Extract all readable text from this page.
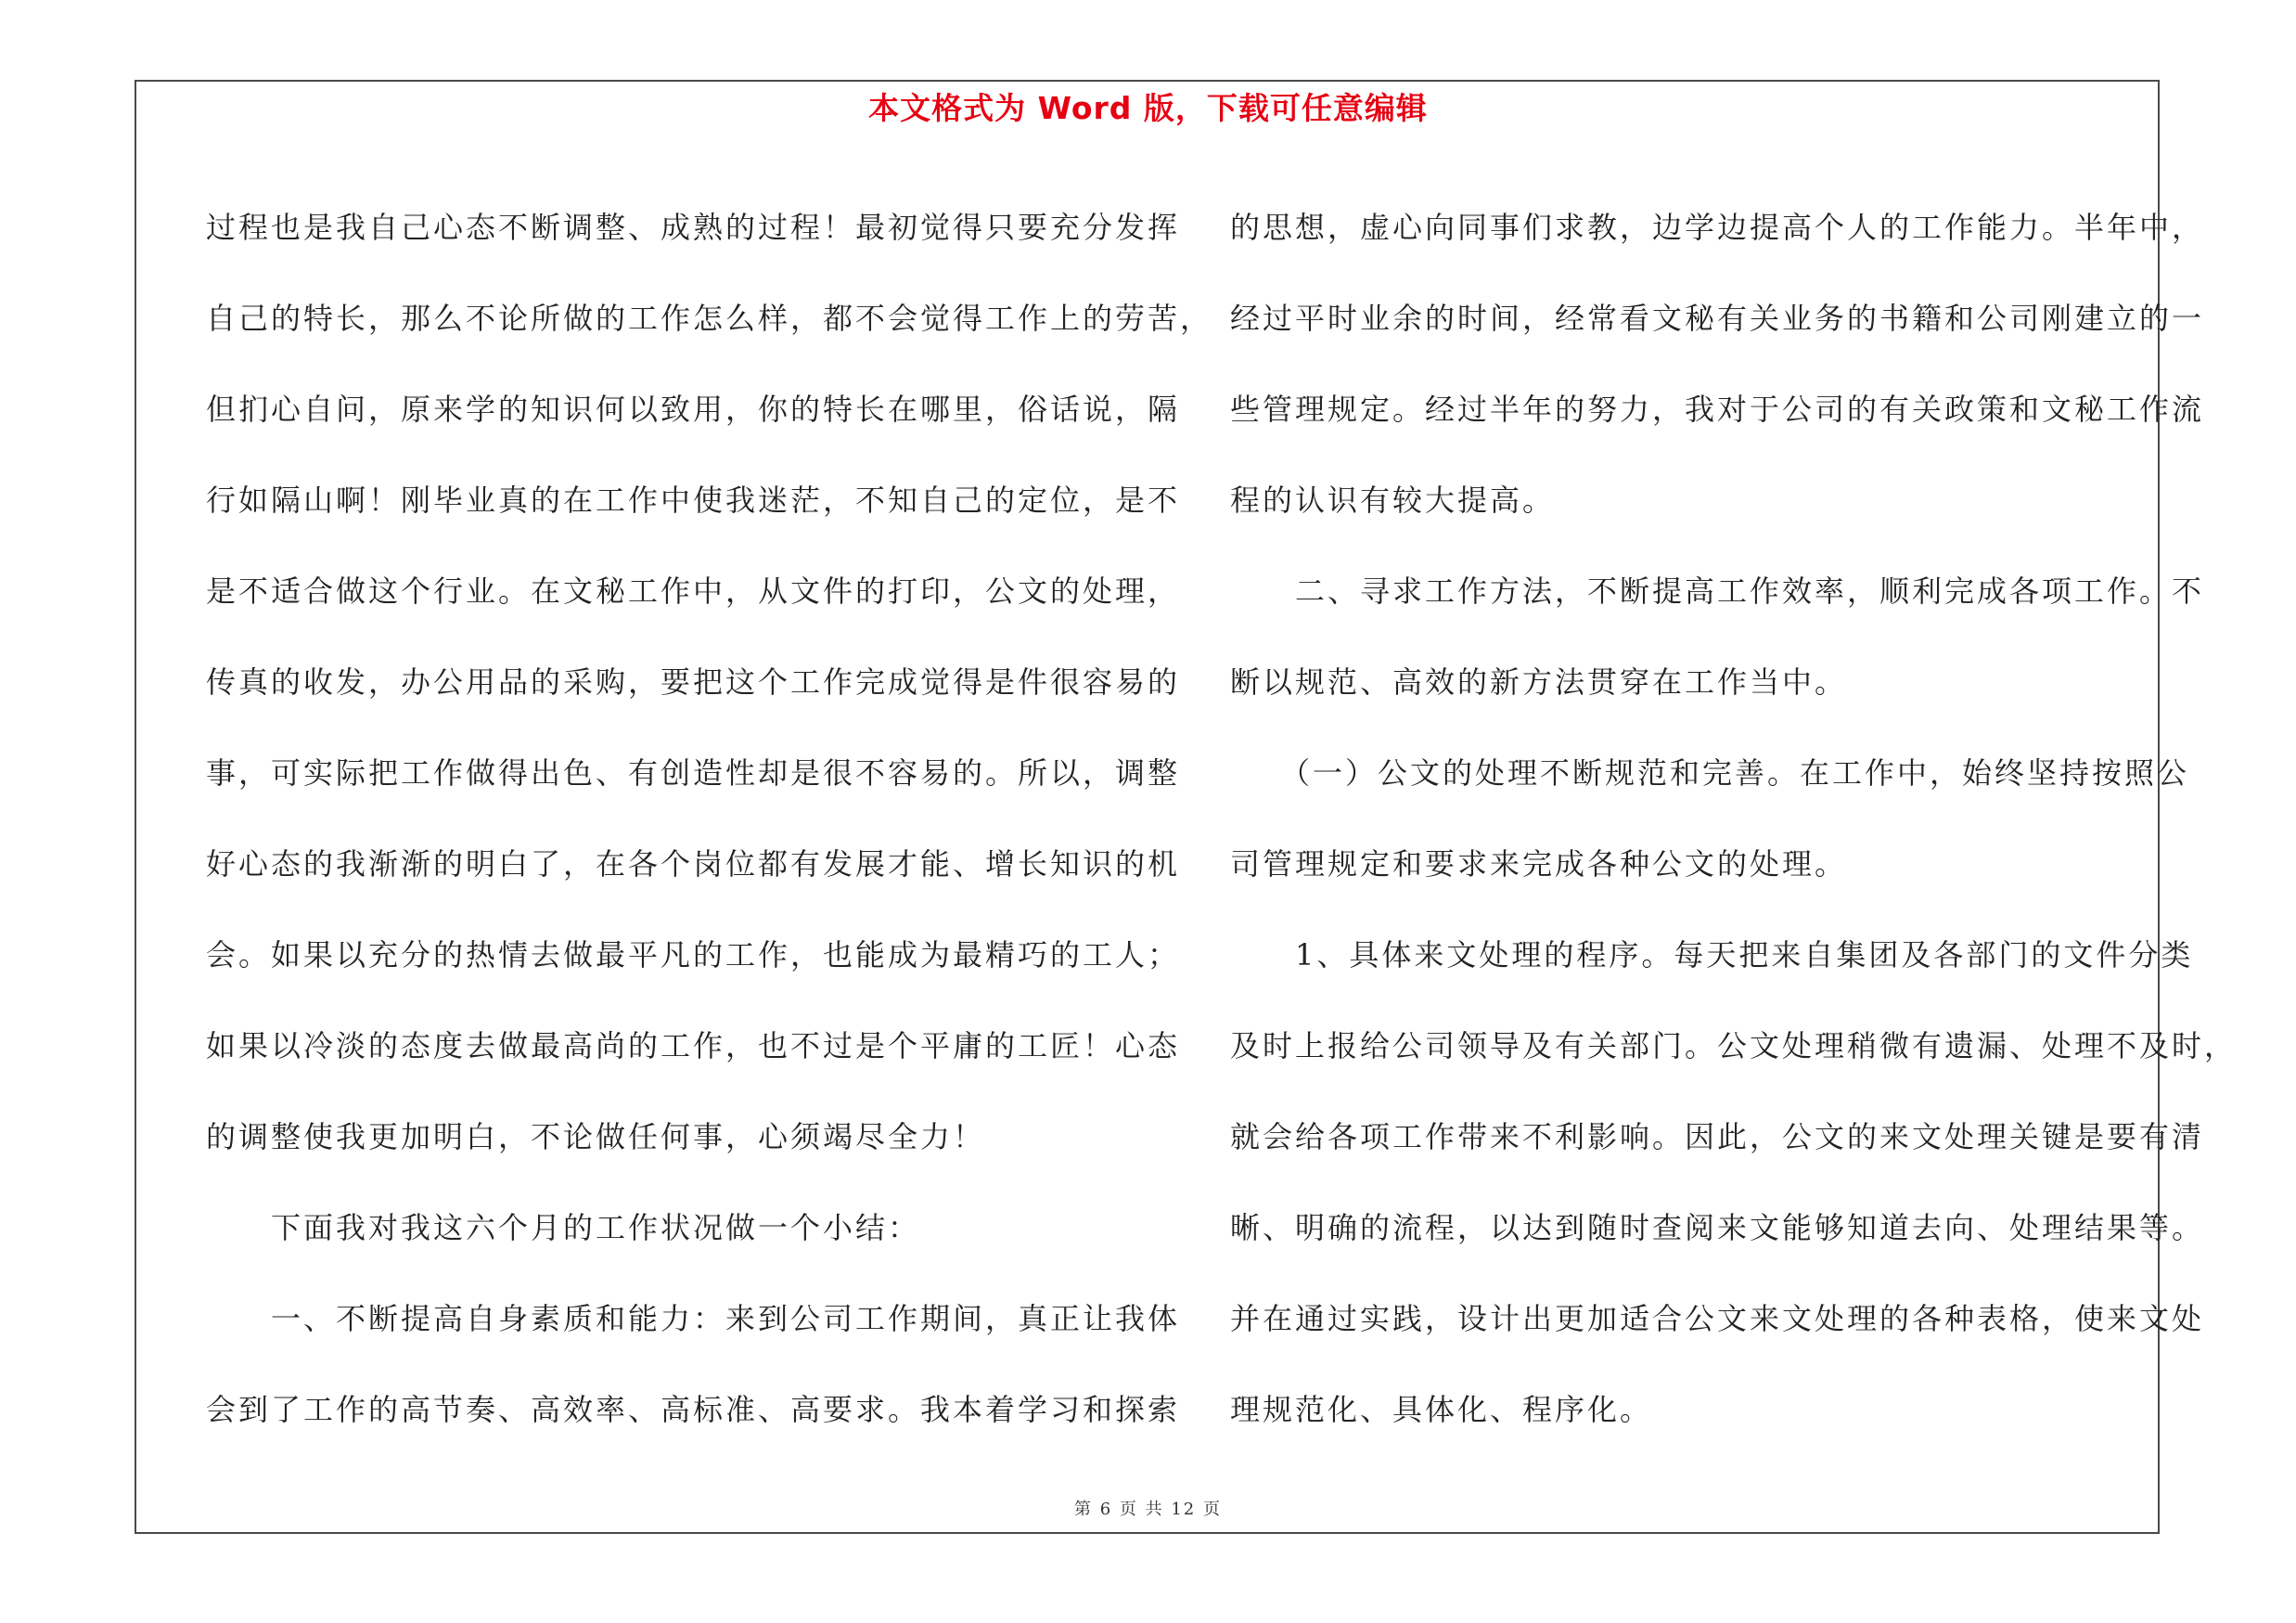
本文格式为 Word 版，下载可任意编辑
过程也是我自己心态不断调整、成熟的过程！最初觉得只要充分发挥
自己的特长，那么不论所做的工作怎么样，都不会觉得工作上的劳苦，
但扪心自问，原来学的知识何以致用，你的特长在哪里，俗话说，隔
行如隔山啊！刚毕业真的在工作中使我迷茫，不知自己的定位，是不
是不适合做这个行业。在文秘工作中，从文件的打印，公文的处理，
传真的收发，办公用品的采购，要把这个工作完成觉得是件很容易的
事，可实际把工作做得出色、有创造性却是很不容易的。所以，调整
好心态的我渐渐的明白了，在各个岗位都有发展才能、增长知识的机
会。如果以充分的热情去做最平凡的工作，也能成为最精巧的工人；
如果以冷淡的态度去做最高尚的工作，也不过是个平庸的工匠！心态
的调整使我更加明白，不论做任何事，心须竭尽全力！
　　下面我对我这六个月的工作状况做一个小结：
　　一、不断提高自身素质和能力：来到公司工作期间，真正让我体
会到了工作的高节奏、高效率、高标准、高要求。我本着学习和探索
的思想，虚心向同事们求教，边学边提高个人的工作能力。半年中，
经过平时业余的时间，经常看文秘有关业务的书籍和公司刚建立的一
些管理规定。经过半年的努力，我对于公司的有关政策和文秘工作流
程的认识有较大提高。
　　二、寻求工作方法，不断提高工作效率，顺利完成各项工作。不
断以规范、高效的新方法贯穿在工作当中。
　　（一）公文的处理不断规范和完善。在工作中，始终坚持按照公
司管理规定和要求来完成各种公文的处理。
　　1、具体来文处理的程序。每天把来自集团及各部门的文件分类
及时上报给公司领导及有关部门。公文处理稍微有遗漏、处理不及时，
就会给各项工作带来不利影响。因此，公文的来文处理关键是要有清
晰、明确的流程，以达到随时查阅来文能够知道去向、处理结果等。
并在通过实践，设计出更加适合公文来文处理的各种表格，使来文处
理规范化、具体化、程序化。
第 6 页 共 12 页
